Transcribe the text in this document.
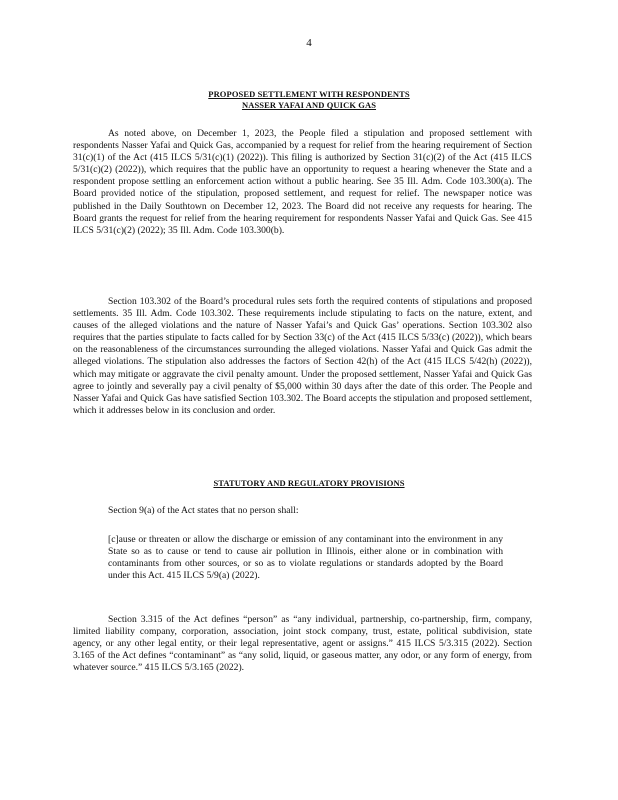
4
PROPOSED SETTLEMENT WITH RESPONDENTS
NASSER YAFAI AND QUICK GAS

As noted above, on December 1, 2023, the People filed a stipulation and proposed settlement with respondents Nasser Yafai and Quick Gas, accompanied by a request for relief from the hearing requirement of Section 31(c)(1) of the Act (415 ILCS 5/31(c)(1) (2022)). This filing is authorized by Section 31(c)(2) of the Act (415 ILCS 5/31(c)(2) (2022)), which requires that the public have an opportunity to request a hearing whenever the State and a respondent propose settling an enforcement action without a public hearing. See 35 Ill. Adm. Code 103.300(a). The Board provided notice of the stipulation, proposed settlement, and request for relief. The newspaper notice was published in the Daily Southtown on December 12, 2023. The Board did not receive any requests for hearing. The Board grants the request for relief from the hearing requirement for respondents Nasser Yafai and Quick Gas. See 415 ILCS 5/31(c)(2) (2022); 35 Ill. Adm. Code 103.300(b).

Section 103.302 of the Board’s procedural rules sets forth the required contents of stipulations and proposed settlements. 35 Ill. Adm. Code 103.302. These requirements include stipulating to facts on the nature, extent, and causes of the alleged violations and the nature of Nasser Yafai’s and Quick Gas’ operations. Section 103.302 also requires that the parties stipulate to facts called for by Section 33(c) of the Act (415 ILCS 5/33(c) (2022)), which bears on the reasonableness of the circumstances surrounding the alleged violations. Nasser Yafai and Quick Gas admit the alleged violations. The stipulation also addresses the factors of Section 42(h) of the Act (415 ILCS 5/42(h) (2022)), which may mitigate or aggravate the civil penalty amount. Under the proposed settlement, Nasser Yafai and Quick Gas agree to jointly and severally pay a civil penalty of $5,000 within 30 days after the date of this order. The People and Nasser Yafai and Quick Gas have satisfied Section 103.302. The Board accepts the stipulation and proposed settlement, which it addresses below in its conclusion and order.

STATUTORY AND REGULATORY PROVISIONS

Section 9(a) of the Act states that no person shall:

[c]ause or threaten or allow the discharge or emission of any contaminant into the environment in any State so as to cause or tend to cause air pollution in Illinois, either alone or in combination with contaminants from other sources, or so as to violate regulations or standards adopted by the Board under this Act. 415 ILCS 5/9(a) (2022).

Section 3.315 of the Act defines “person” as “any individual, partnership, co-partnership, firm, company, limited liability company, corporation, association, joint stock company, trust, estate, political subdivision, state agency, or any other legal entity, or their legal representative, agent or assigns.” 415 ILCS 5/3.315 (2022). Section 3.165 of the Act defines “contaminant” as “any solid, liquid, or gaseous matter, any odor, or any form of energy, from whatever source.” 415 ILCS 5/3.165 (2022).
